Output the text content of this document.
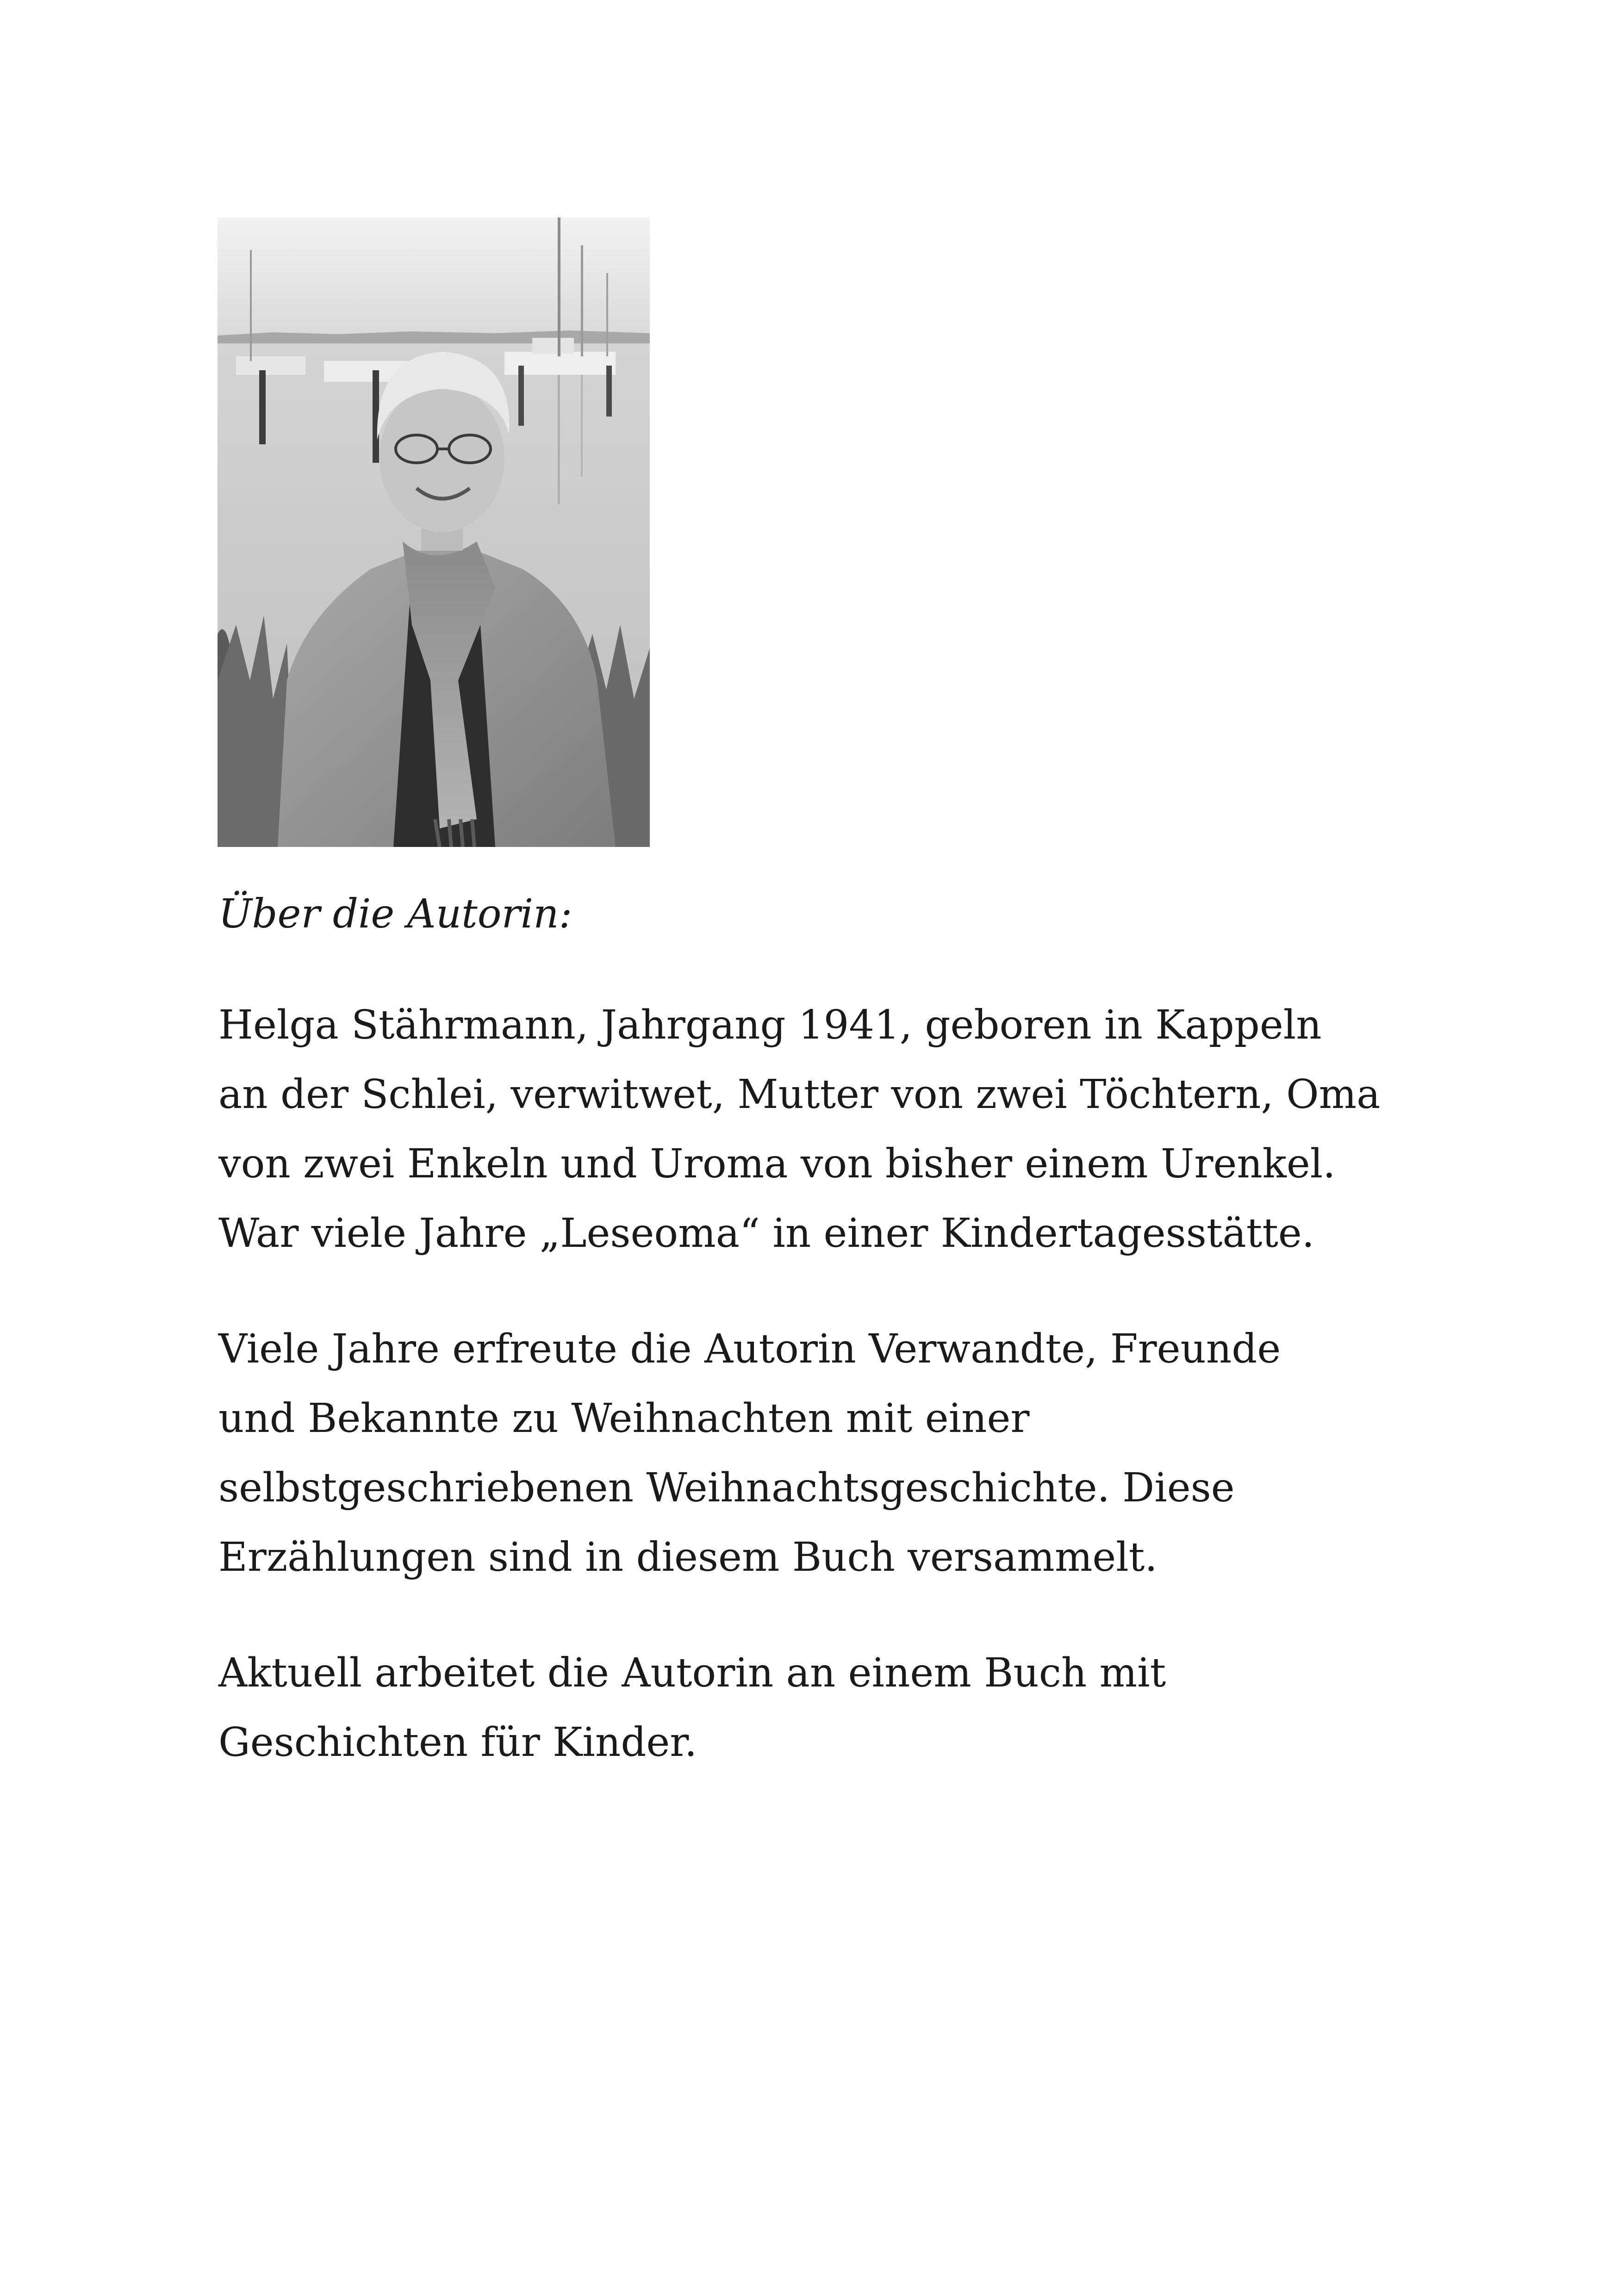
Über die Autorin:

Helga Stährmann, Jahrgang 1941, geboren in Kappeln
an der Schlei, verwitwet, Mutter von zwei Töchtern, Oma
von zwei Enkeln und Uroma von bisher einem Urenkel.
War viele Jahre „Leseoma“ in einer Kindertagesstätte.

Viele Jahre erfreute die Autorin Verwandte, Freunde
und Bekannte zu Weihnachten mit einer
selbstgeschriebenen Weihnachtsgeschichte. Diese
Erzählungen sind in diesem Buch versammelt.

Aktuell arbeitet die Autorin an einem Buch mit
Geschichten für Kinder.
